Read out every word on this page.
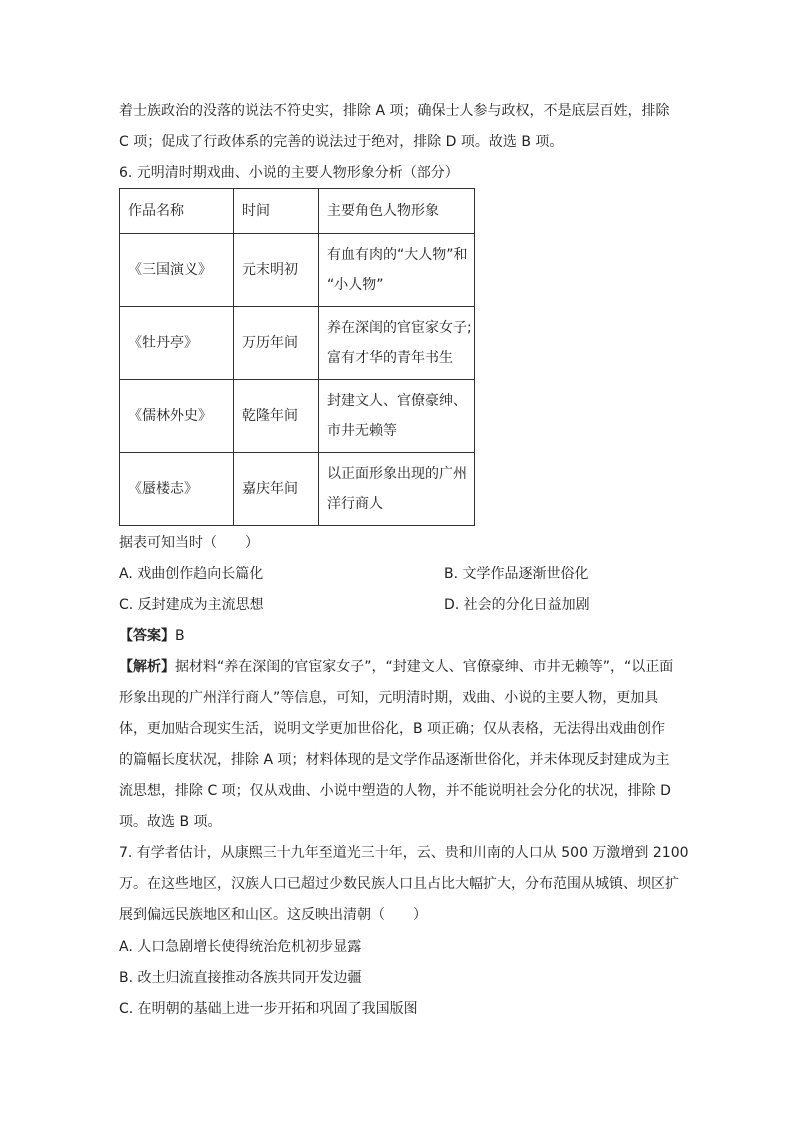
着士族政治的没落的说法不符史实，排除 A 项；确保士人参与政权，不是底层百姓，排除
C 项；促成了行政体系的完善的说法过于绝对，排除 D 项。故选 B 项。
6. 元明清时期戏曲、小说的主要人物形象分析（部分）
作品名称	时间	主要角色人物形象
《三国演义》	元末明初	有血有肉的“大人物”和
“小人物”
《牡丹亭》	万历年间	养在深闺的官宦家女子;
富有才华的青年书生
《儒林外史》	乾隆年间	封建文人、官僚豪绅、
市井无赖等
《蜃楼志》	嘉庆年间	以正面形象出现的广州
洋行商人
据表可知当时（　　）
A. 戏曲创作趋向长篇化	B. 文学作品逐渐世俗化
C. 反封建成为主流思想	D. 社会的分化日益加剧
【答案】B
【解析】据材料“养在深闺的官宦家女子”，“封建文人、官僚豪绅、市井无赖等”，“以正面
形象出现的广州洋行商人”等信息，可知，元明清时期，戏曲、小说的主要人物，更加具
体，更加贴合现实生活，说明文学更加世俗化，B 项正确；仅从表格，无法得出戏曲创作
的篇幅长度状况，排除 A 项；材料体现的是文学作品逐渐世俗化，并未体现反封建成为主
流思想，排除 C 项；仅从戏曲、小说中塑造的人物，并不能说明社会分化的状况，排除 D
项。故选 B 项。
7. 有学者估计，从康熙三十九年至道光三十年，云、贵和川南的人口从 500 万激增到 2100
万。在这些地区，汉族人口已超过少数民族人口且占比大幅扩大，分布范围从城镇、坝区扩
展到偏远民族地区和山区。这反映出清朝（　　）
A. 人口急剧增长使得统治危机初步显露
B. 改土归流直接推动各族共同开发边疆
C. 在明朝的基础上进一步开拓和巩固了我国版图
